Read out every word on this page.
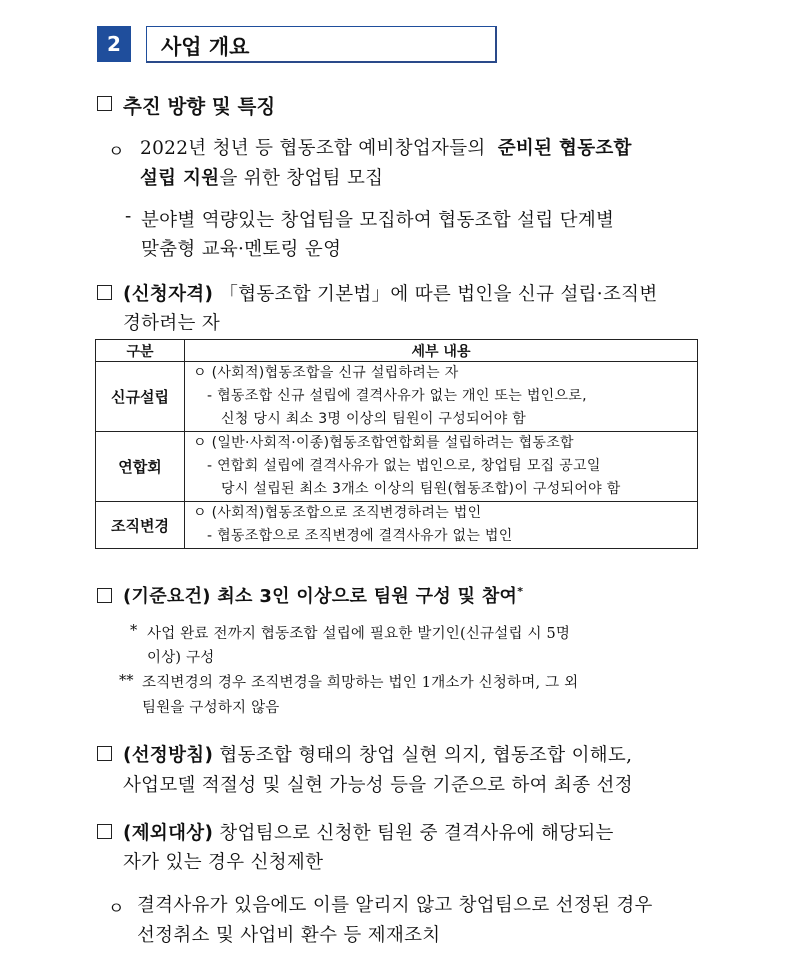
2	사업 개요
추진 방향 및 특징
ㅇ 2022년 청년 등 협동조합 예비창업자들의 준비된 협동조합
설립 지원을 위한 창업팀 모집
- 분야별 역량있는 창업팀을 모집하여 협동조합 설립 단계별
맞춤형 교육·멘토링 운영
(신청자격) 「협동조합 기본법」에 따른 법인을 신규 설립·조직변
경하려는 자
구분	세부 내용
신규설립	ㅇ (사회적)협동조합을 신규 설립하려는 자
- 협동조합 신규 설립에 결격사유가 없는 개인 또는 법인으로,
신청 당시 최소 3명 이상의 팀원이 구성되어야 함

연합회	ㅇ (일반·사회적·이종)협동조합연합회를 설립하려는 협동조합
- 연합회 설립에 결격사유가 없는 법인으로, 창업팀 모집 공고일
당시 설립된 최소 3개소 이상의 팀원(협동조합)이 구성되어야 함

조직변경	ㅇ (사회적)협동조합으로 조직변경하려는 법인
- 협동조합으로 조직변경에 결격사유가 없는 법인
(기준요건) 최소 3인 이상으로 팀원 구성 및 참여*
* 사업 완료 전까지 협동조합 설립에 필요한 발기인(신규설립 시 5명
이상) 구성
** 조직변경의 경우 조직변경을 희망하는 법인 1개소가 신청하며, 그 외
팀원을 구성하지 않음
(선정방침) 협동조합 형태의 창업 실현 의지, 협동조합 이해도,
사업모델 적절성 및 실현 가능성 등을 기준으로 하여 최종 선정
(제외대상) 창업팀으로 신청한 팀원 중 결격사유에 해당되는
자가 있는 경우 신청제한
ㅇ 결격사유가 있음에도 이를 알리지 않고 창업팀으로 선정된 경우
선정취소 및 사업비 환수 등 제재조치
